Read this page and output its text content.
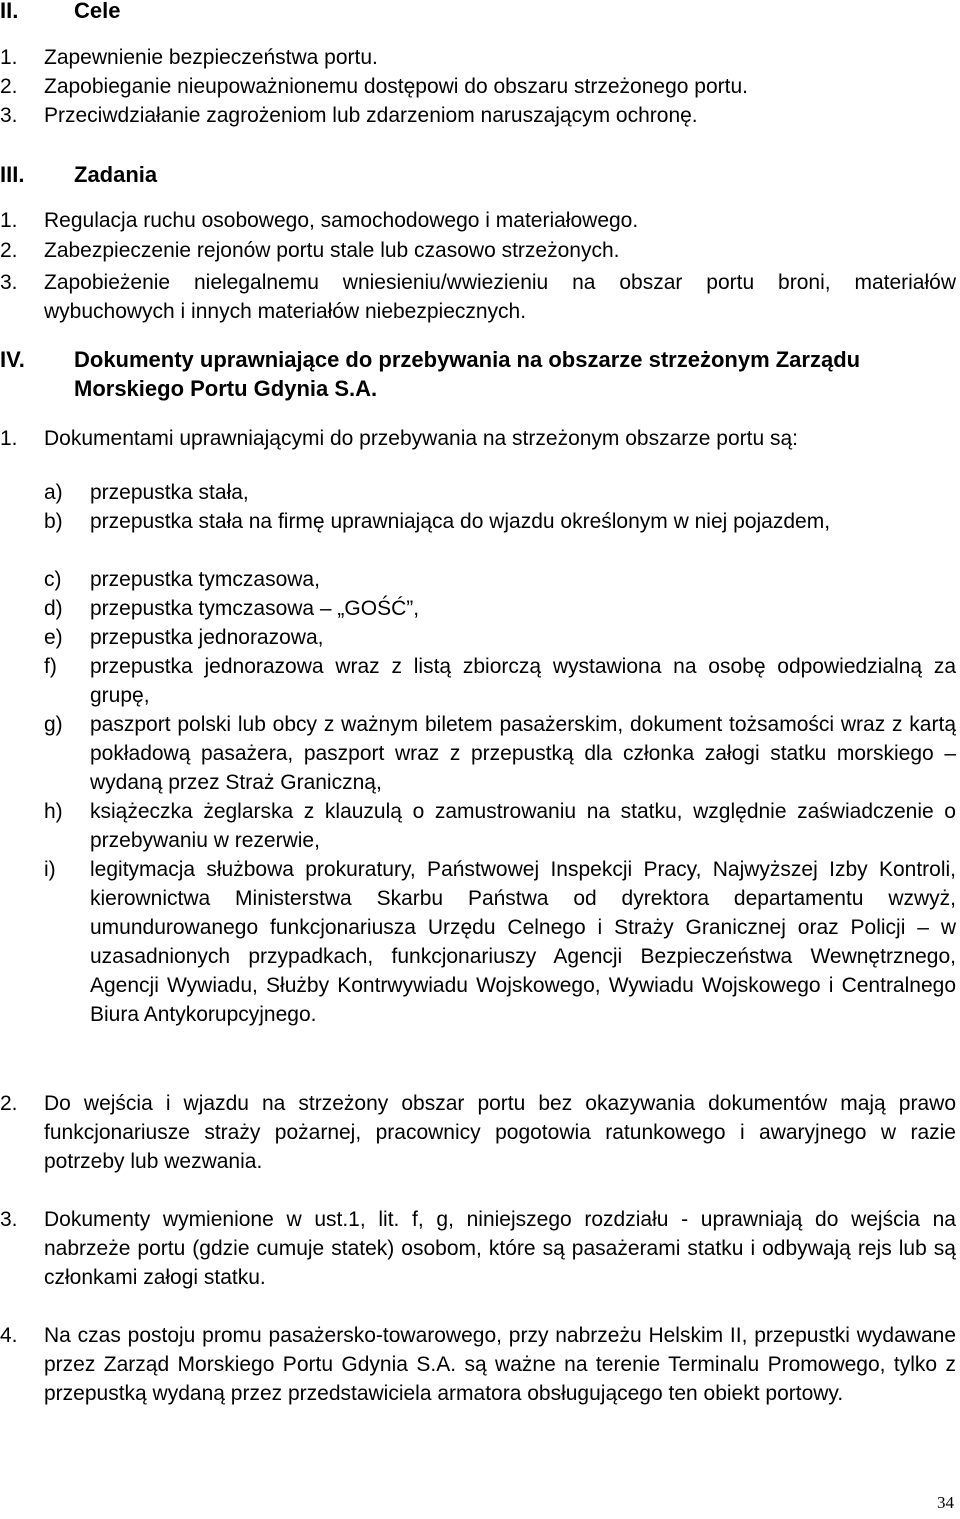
II.	Cele
1. Zapewnienie bezpieczeństwa portu.
2. Zapobieganie nieupoważnionemu dostępowi do obszaru strzeżonego portu.
3. Przeciwdziałanie zagrożeniom lub zdarzeniom naruszającym ochronę.
III. Zadania
1. Regulacja ruchu osobowego, samochodowego i materiałowego.
2. Zabezpieczenie rejonów portu stale lub czasowo strzeżonych.
3. Zapobieżenie nielegalnemu wniesieniu/wwiezieniu na obszar portu broni, materiałów wybuchowych i innych materiałów niebezpiecznych.
IV. Dokumenty uprawniające do przebywania na obszarze strzeżonym Zarządu Morskiego Portu Gdynia S.A.
1. Dokumentami uprawniającymi do przebywania na strzeżonym obszarze portu są:
a) przepustka stała,
b) przepustka stała na firmę uprawniająca do wjazdu określonym w niej pojazdem,
c) przepustka tymczasowa,
d) przepustka tymczasowa – „GOŚĆ”,
e) przepustka jednorazowa,
f) przepustka jednorazowa wraz z listą zbiorczą wystawiona na osobę odpowiedzialną za grupę,
g) paszport polski lub obcy z ważnym biletem pasażerskim, dokument tożsamości wraz z kartą pokładową pasażera, paszport wraz z przepustką dla członka załogi statku morskiego – wydaną przez Straż Graniczną,
h) książeczka żeglarska z klauzulą o zamustrowaniu na statku, względnie zaświadczenie o przebywaniu w rezerwie,
i) legitymacja służbowa prokuratury, Państwowej Inspekcji Pracy, Najwyższej Izby Kontroli, kierownictwa Ministerstwa Skarbu Państwa od dyrektora departamentu wzwyż, umundurowanego funkcjonariusza Urzędu Celnego i Straży Granicznej oraz Policji – w uzasadnionych przypadkach, funkcjonariuszy Agencji Bezpieczeństwa Wewnętrznego, Agencji Wywiadu, Służby Kontrwywiadu Wojskowego, Wywiadu Wojskowego i Centralnego Biura Antykorupcyjnego.
2. Do wejścia i wjazdu na strzeżony obszar portu bez okazywania dokumentów mają prawo funkcjonariusze straży pożarnej, pracownicy pogotowia ratunkowego i awaryjnego w razie potrzeby lub wezwania.
3. Dokumenty wymienione w ust.1, lit. f, g, niniejszego rozdziału - uprawniają do wejścia na nabrzeże portu (gdzie cumuje statek) osobom, które są pasażerami statku i odbywają rejs lub są członkami załogi statku.
4. Na czas postoju promu pasażersko-towarowego, przy nabrzeżu Helskim II, przepustki wydawane przez Zarząd Morskiego Portu Gdynia S.A. są ważne na terenie Terminalu Promowego, tylko z przepustką wydaną przez przedstawiciela armatora obsługującego ten obiekt portowy.
34
